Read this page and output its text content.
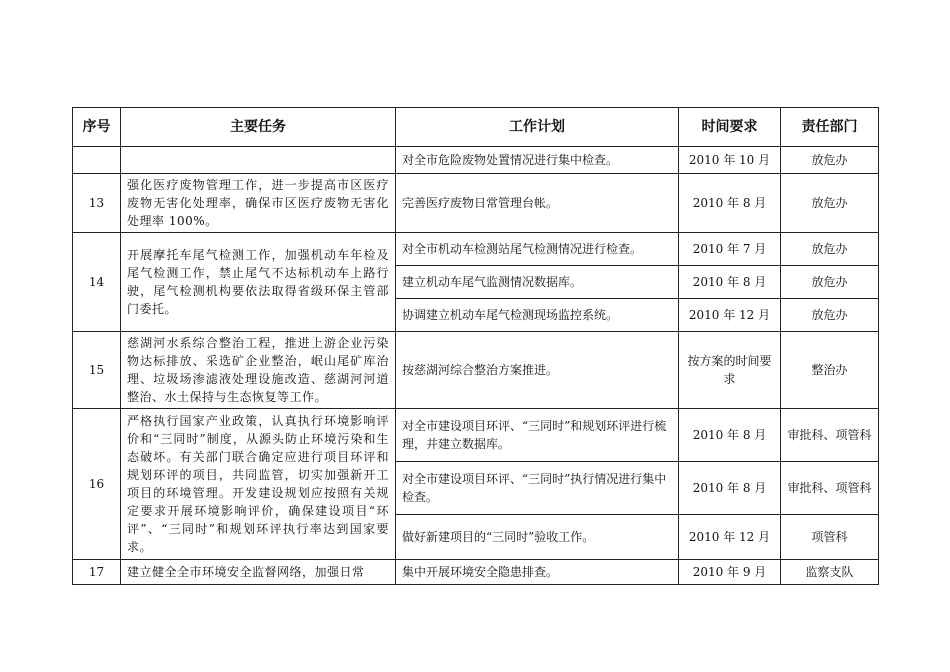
序号	主要任务	工作计划	时间要求	责任部门
		对全市危险废物处置情况进行集中检查。	2010 年 10 月	放危办
13	强化医疗废物管理工作，进一步提高市区医疗废物无害化处理率，确保市区医疗废物无害化处理率 100%。	完善医疗废物日常管理台帐。	2010 年 8 月	放危办
14	开展摩托车尾气检测工作，加强机动车年检及尾气检测工作，禁止尾气不达标机动车上路行驶，尾气检测机构要依法取得省级环保主管部门委托。	对全市机动车检测站尾气检测情况进行检查。	2010 年 7 月	放危办
		建立机动车尾气监测情况数据库。	2010 年 8 月	放危办
		协调建立机动车尾气检测现场监控系统。	2010 年 12 月	放危办
15	慈湖河水系综合整治工程，推进上游企业污染物达标排放、采选矿企业整治，岷山尾矿库治理、垃圾场渗滤液处理设施改造、慈湖河河道整治、水土保持与生态恢复等工作。	按慈湖河综合整治方案推进。	按方案的时间要求	整治办
16	严格执行国家产业政策，认真执行环境影响评价和“三同时”制度，从源头防止环境污染和生态破坏。有关部门联合确定应进行项目环评和规划环评的项目，共同监管，切实加强新开工项目的环境管理。开发建设规划应按照有关规定要求开展环境影响评价，确保建设项目“环评”、“三同时”和规划环评执行率达到国家要求。	对全市建设项目环评、“三同时”和规划环评进行梳理，并建立数据库。	2010 年 8 月	审批科、项管科
		对全市建设项目环评、“三同时”执行情况进行集中检查。	2010 年 8 月	审批科、项管科
		做好新建项目的“三同时”验收工作。	2010 年 12 月	项管科
17	建立健全全市环境安全监督网络，加强日常	集中开展环境安全隐患排查。	2010 年 9 月	监察支队
